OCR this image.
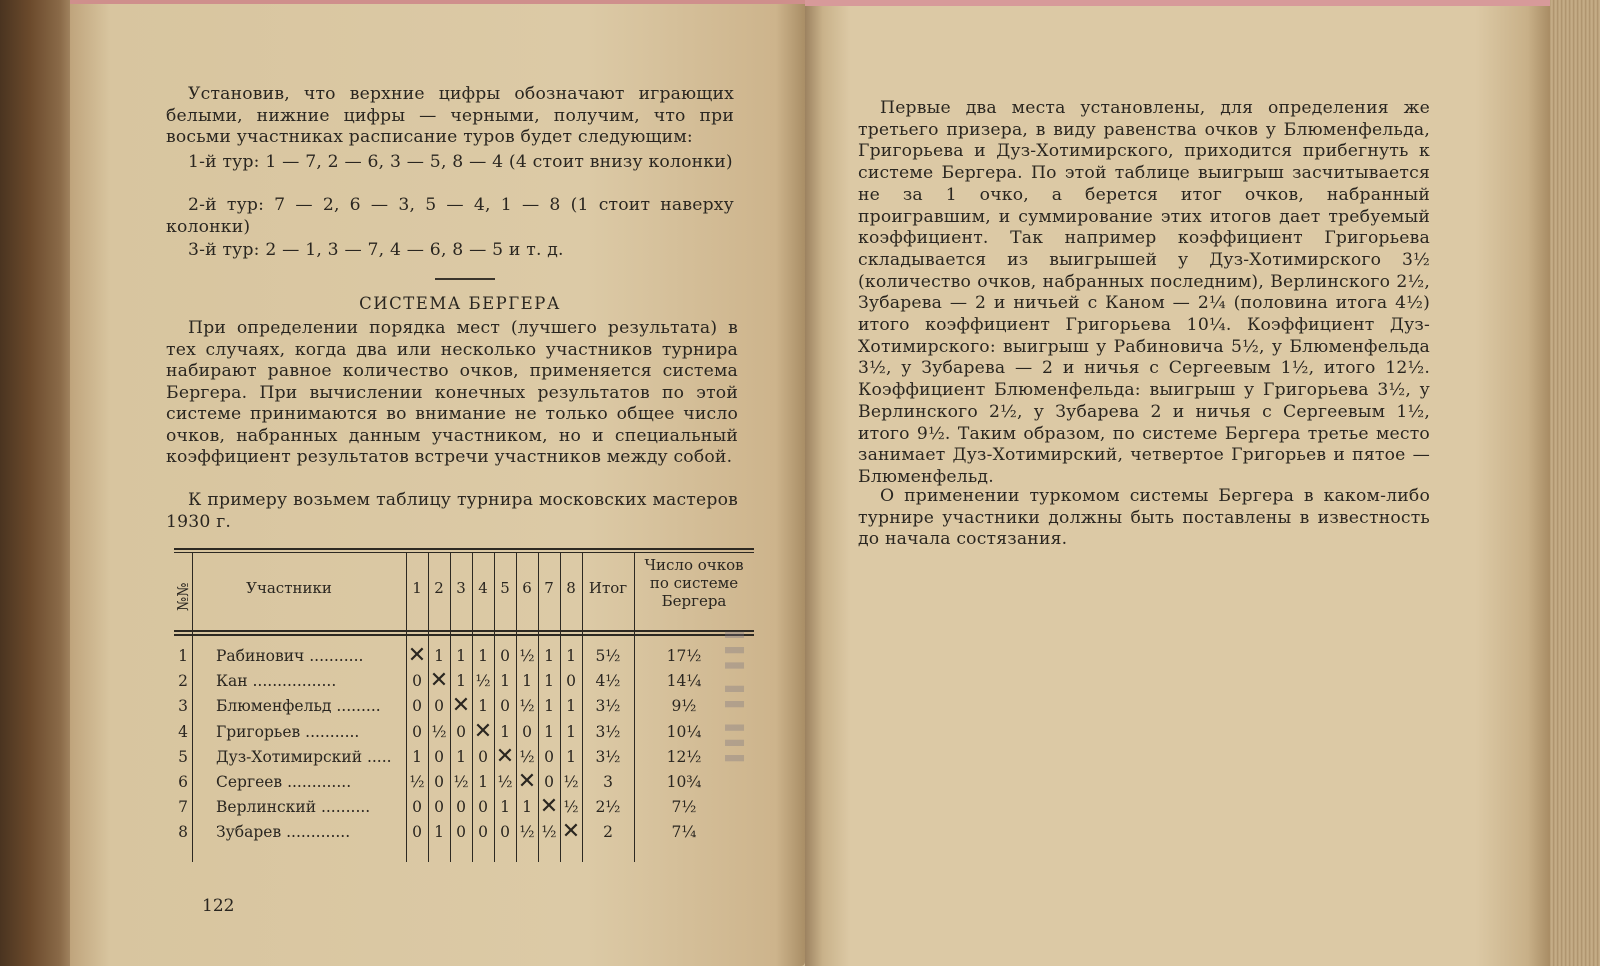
Установив, что верхние цифры обозначают играющих белыми, нижние цифры — черными, получим, что при восьми участниках расписание туров будет следующим:

1-й тур: 1 — 7, 2 — 6, 3 — 5, 8 — 4 (4 стоит внизу колонки)

2-й тур: 7 — 2, 6 — 3, 5 — 4, 1 — 8 (1 стоит наверху колонки)

3-й тур: 2 — 1, 3 — 7, 4 — 6, 8 — 5 и т. д.

СИСТЕМА БЕРГЕРА

При определении порядка мест (лучшего результата) в тех случаях, когда два или несколько участников турнира набирают равное количество очков, применяется система Бергера. При вычислении конечных результатов по этой системе принимаются во внимание не только общее число очков, набранных данным участником, но и специальный коэффициент результатов встречи участников между собой.

К примеру возьмем таблицу турнира московских мастеров 1930 г.

№№	Участники	1 2 3 4 5 6 7 8 Итог
Число очков по системе Бергера
1 Рабинович ...........	✕ 1 1 1 0 ½ 1 1	5½	17½
2 Кан .................	0 ✕ 1 ½ 1 1 1 0	4½	14¼
3 Блюменфельд .........	0 0 ✕ 1 0 ½ 1 1	3½	9½
4 Григорьев ...........	0 ½ 0 ✕ 1 0 1 1	3½	10¼
5 Дуз-Хотимирский .....	1 0 1 0 ✕ ½ 0 1	3½	12½
6 Сергеев .............	½ 0 ½ 1 ½ ✕ 0 ½	3	10¾
7 Верлинский ..........	0 0 0 0 1 1 ✕ ½	2½	7½
8 Зубарев .............	0 1 0 0 0 ½ ½ ✕	2	7¼
▌▌▌ ▌▌ ▌▌▌
122

Первые два места установлены, для определения же третьего призера, в виду равенства очков у Блюменфельда, Григорьева и Дуз-Хотимирского, приходится прибегнуть к системе Бергера. По этой таблице выигрыш засчитывается не за 1 очко, а берется итог очков, набранный проигравшим, и суммирование этих итогов дает требуемый коэффициент. Так например коэффициент Григорьева складывается из выигрышей у Дуз-Хотимирского 3½ (количество очков, набранных последним), Верлинского 2½, Зубарева — 2 и ничьей с Каном — 2¼ (половина итога 4½) итого коэффициент Григорьева 10¼. Коэффициент Дуз-Хотимирского: выигрыш у Рабиновича 5½, у Блюменфельда 3½, у Зубарева — 2 и ничья с Сергеевым 1½, итого 12½. Коэффициент Блюменфельда: выигрыш у Григорьева 3½, у Верлинского 2½, у Зубарева 2 и ничья с Сергеевым 1½, итого 9½. Таким образом, по системе Бергера третье место занимает Дуз-Хотимирский, четвертое Григорьев и пятое — Блюменфельд.

О применении туркомом системы Бергера в каком-либо турнире участники должны быть поставлены в известность до начала состязания.
